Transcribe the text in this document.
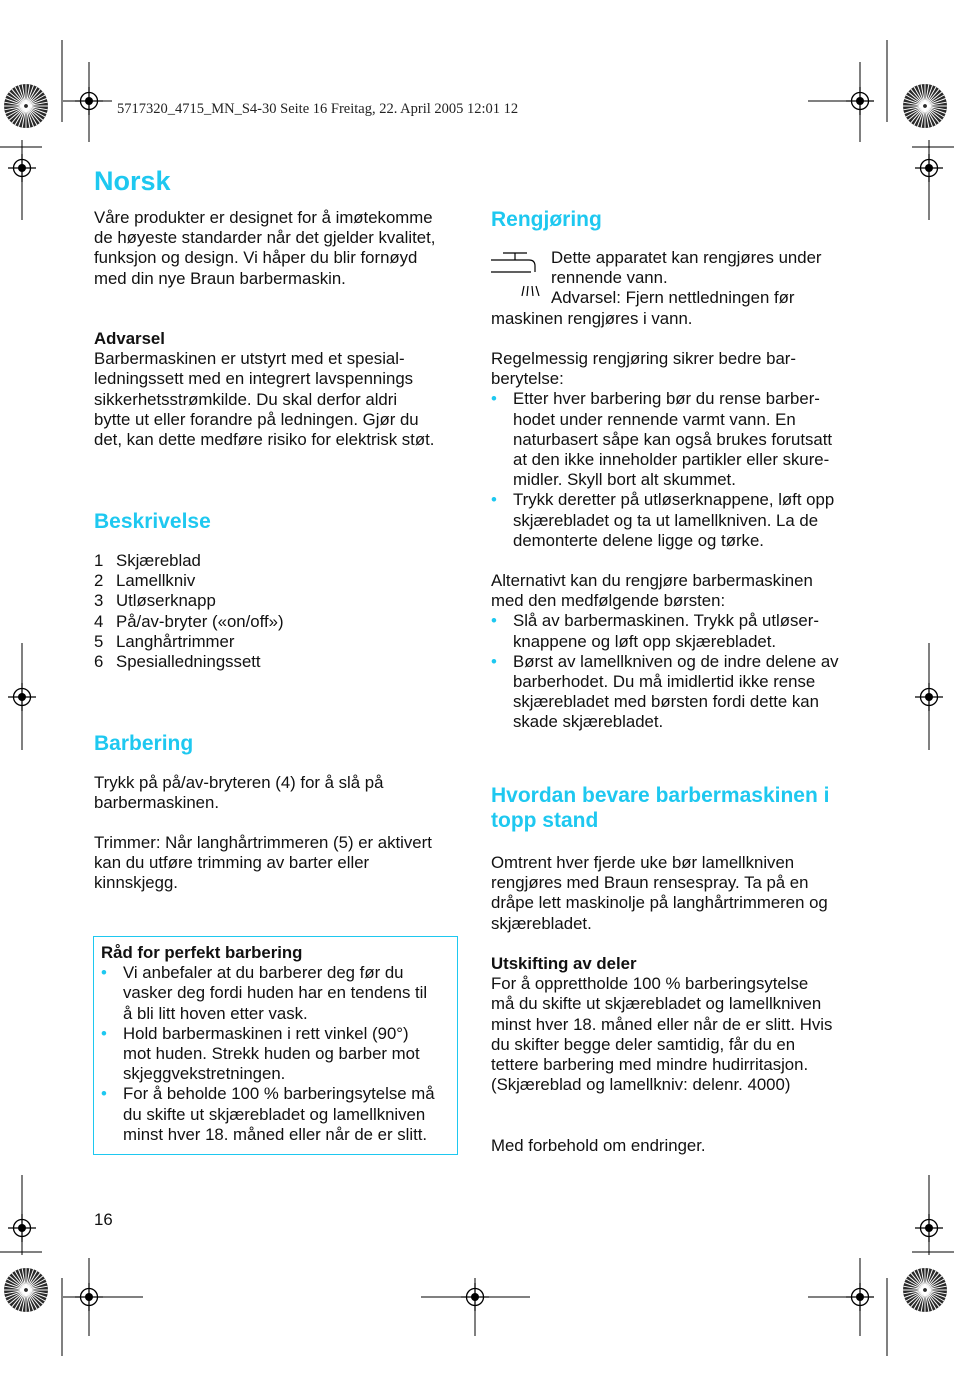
5717320_4715_MN_S4-30 Seite 16 Freitag, 22. April 2005 12:01 12
Norsk

Våre produkter er designet for å imøtekomme

de høyeste standarder når det gjelder kvalitet,

funksjon og design. Vi håper du blir fornøyd

med din nye Braun barbermaskin.

Advarsel

Barbermaskinen er utstyrt med et spesial-

ledningssett med en integrert lavspennings

sikkerhetsstrømkilde. Du skal derfor aldri

bytte ut eller forandre på ledningen. Gjør du

det, kan dette medføre risiko for elektrisk støt.

Beskrivelse
1 Skjæreblad
2 Lamellkniv
3 Utløserknapp
4 På/av-bryter («on/off»)
5 Langhårtrimmer
6 Spesialledningssett
Barbering

Trykk på på/av-bryteren (4) for å slå på

barbermaskinen.

Trimmer: Når langhårtrimmeren (5) er aktivert

kan du utføre trimming av barter eller

kinnskjegg.

Råd for perfekt barbering

• Vi anbefaler at du barberer deg før du
vasker deg fordi huden har en tendens til
å bli litt hoven etter vask.
• Hold barbermaskinen i rett vinkel (90°)
mot huden. Strekk huden og barber mot
skjeggvekstretningen.
• For å beholde 100 % barberingsytelse må
du skifte ut skjærebladet og lamellkniven
minst hver 18. måned eller når de er slitt.
16
Rengjøring

Dette apparatet kan rengjøres under

rennende vann.

Advarsel: Fjern nettledningen før

maskinen rengjøres i vann.

Regelmessig rengjøring sikrer bedre bar-

berytelse:

• Etter hver barbering bør du rense barber-
hodet under rennende varmt vann. En
naturbasert såpe kan også brukes forutsatt
at den ikke inneholder partikler eller skure-
midler. Skyll bort alt skummet.
• Trykk deretter på utløserknappene, løft opp
skjærebladet og ta ut lamellkniven. La de
demonterte delene ligge og tørke.

Alternativt kan du rengjøre barbermaskinen

med den medfølgende børsten:

• Slå av barbermaskinen. Trykk på utløser-
knappene og løft opp skjærebladet.
• Børst av lamellkniven og de indre delene av
barberhodet. Du må imidlertid ikke rense
skjærebladet med børsten fordi dette kan
skade skjærebladet.

Hvordan bevare barbermaskinen i

topp stand

Omtrent hver fjerde uke bør lamellkniven

rengjøres med Braun rensespray. Ta på en

dråpe lett maskinolje på langhårtrimmeren og

skjærebladet.

Utskifting av deler

For å opprettholde 100 % barberingsytelse

må du skifte ut skjærebladet og lamellkniven

minst hver 18. måned eller når de er slitt. Hvis

du skifter begge deler samtidig, får du en

tettere barbering med mindre hudirritasjon.

(Skjæreblad og lamellkniv: delenr. 4000)

Med forbehold om endringer.
